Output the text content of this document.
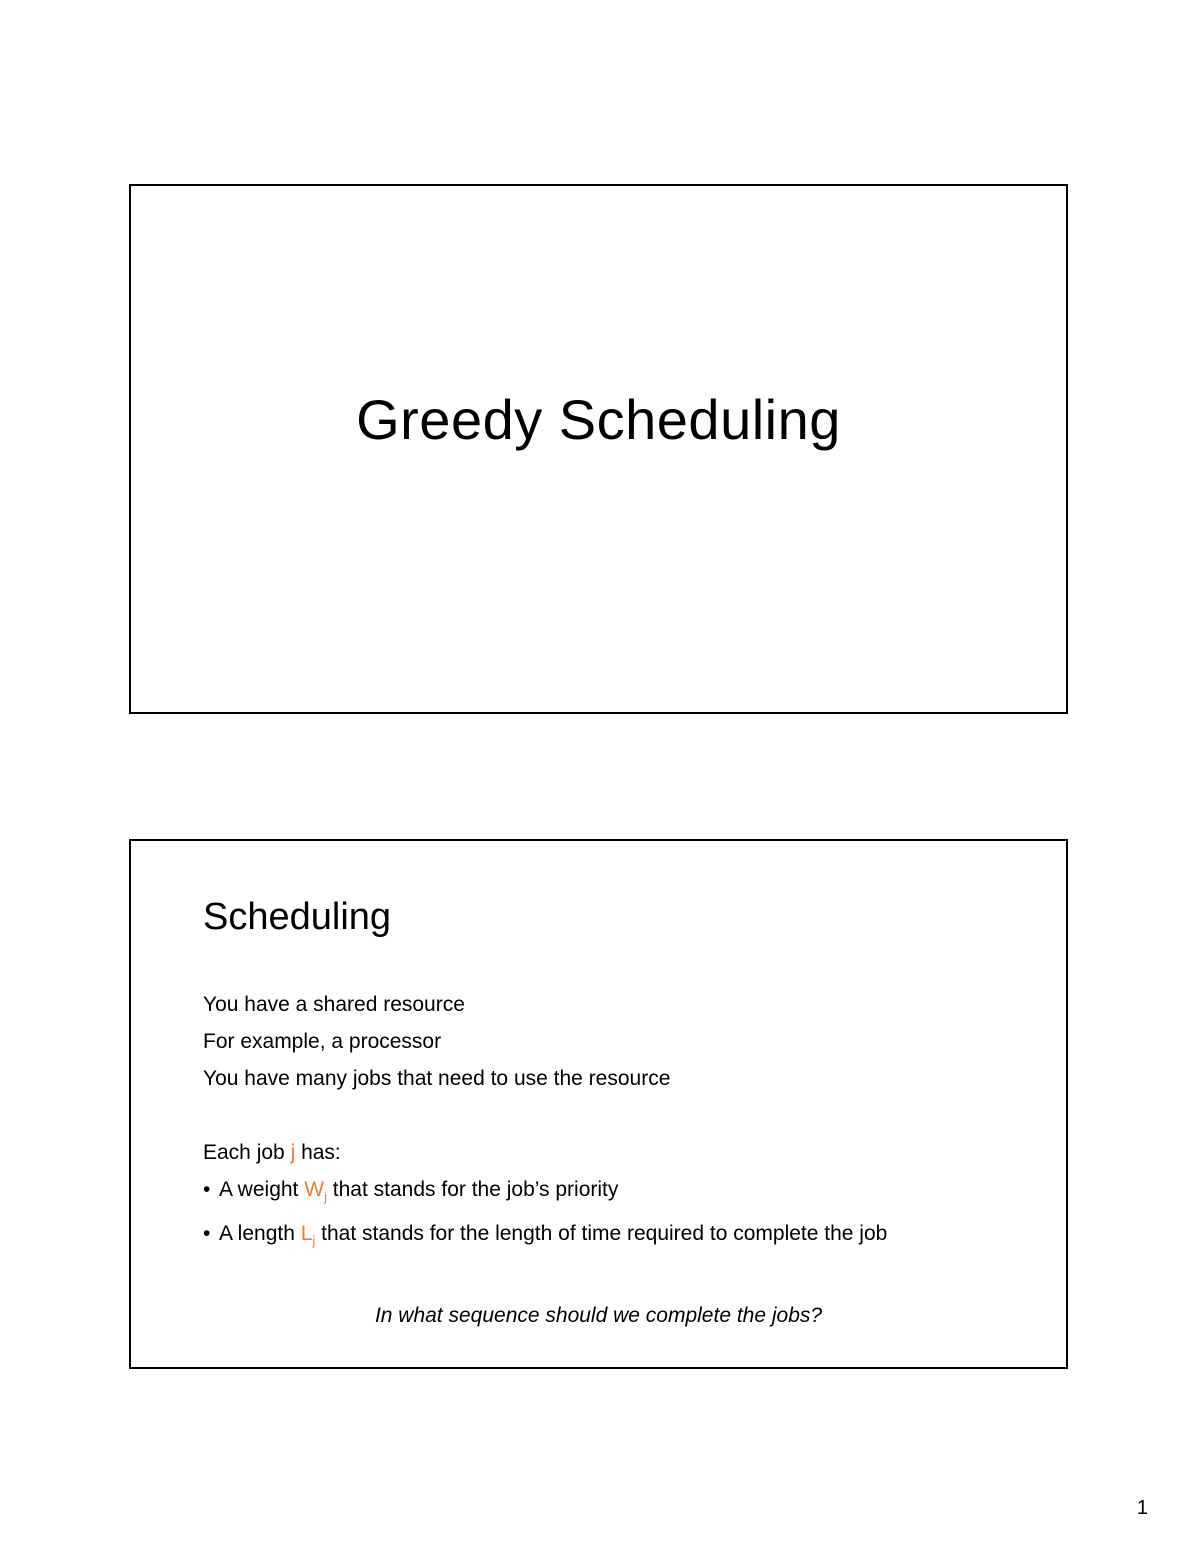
Greedy Scheduling
Scheduling
You have a shared resource
For example, a processor
You have many jobs that need to use the resource
Each job j has:
• A weight $W_j$ that stands for the job’s priority
• A length $L_j$ that stands for the length of time required to complete the job
In what sequence should we complete the jobs?
1
